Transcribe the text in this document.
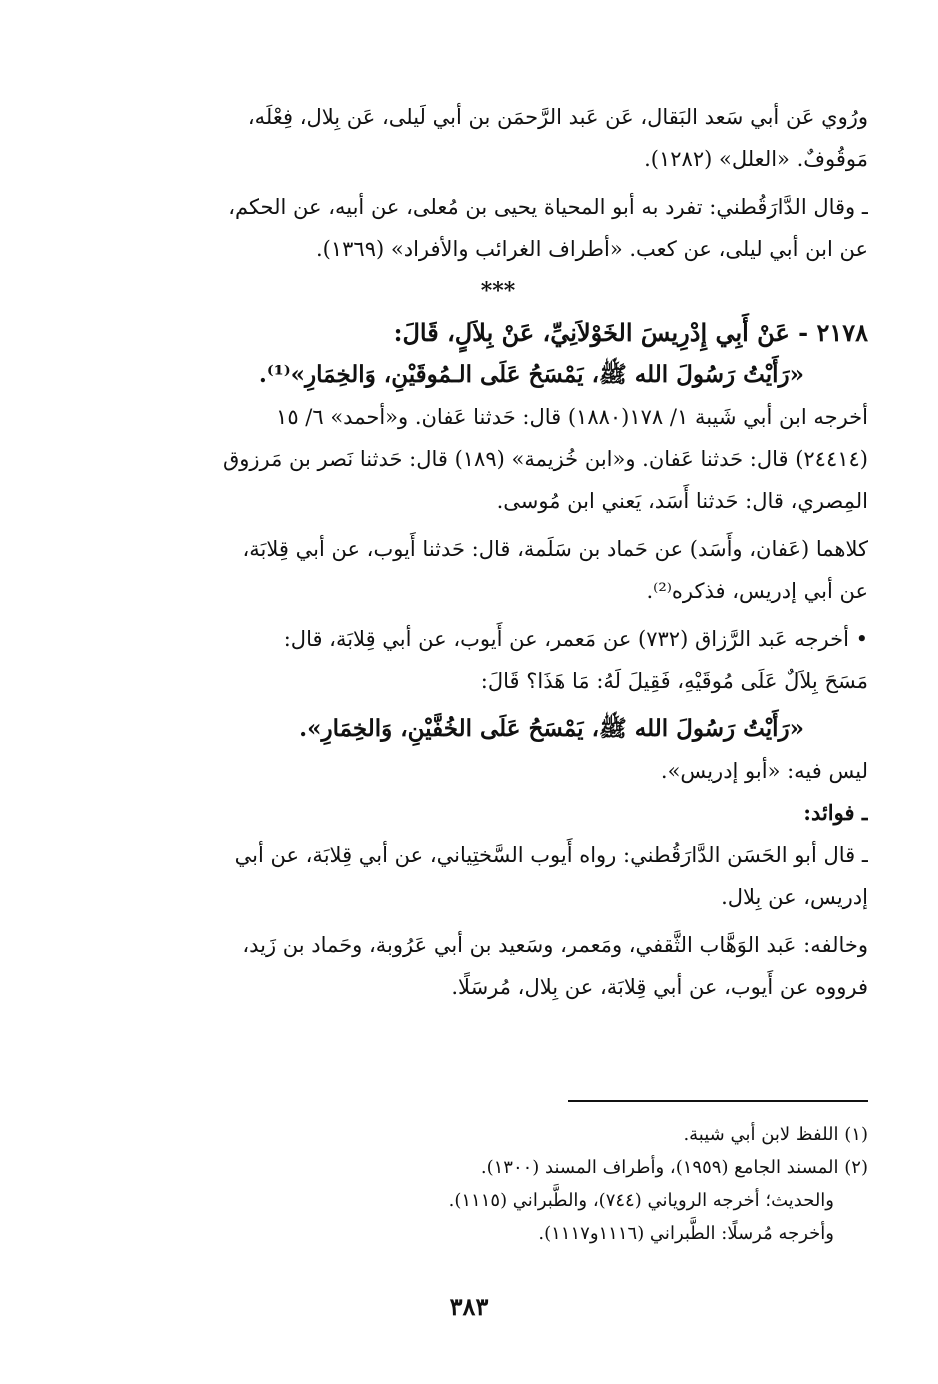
ورُوي عَن أبي سَعد البَقال، عَن عَبد الرَّحمَن بن أبي لَيلى، عَن بِلال، فِعْلَه،
مَوقُوفٌ. «العلل» (١٢٨٢).
ـ وقال الدَّارَقُطني: تفرد به أبو المحياة يحيى بن مُعلى، عن أبيه، عن الحكم،
عن ابن أبي ليلى، عن كعب. «أطراف الغرائب والأفراد» (١٣٦٩).
***
٢١٧٨ - عَنْ أَبِي إِدْرِيسَ الخَوْلاَنِيِّ، عَنْ بِلاَلٍ، قَالَ:
«رَأَيْتُ رَسُولَ الله ﷺ، يَمْسَحُ عَلَى الـمُوقَيْنِ، وَالخِمَارِ»⁽¹⁾.
أخرجه ابن أبي شَيبة ١/ ١٧٨(١٨٨٠) قال: حَدثنا عَفان. و«أحمد» ٦/ ١٥
(٢٤٤١٤) قال: حَدثنا عَفان. و«ابن خُزيمة» (١٨٩) قال: حَدثنا نَصر بن مَرزوق
المِصري، قال: حَدثنا أَسَد، يَعني ابن مُوسى.
كلاهما (عَفان، وأَسَد) عن حَماد بن سَلَمة، قال: حَدثنا أَيوب، عن أبي قِلابَة،
عن أبي إدريس، فذكره⁽²⁾.
• أخرجه عَبد الرَّزاق (٧٣٢) عن مَعمر، عن أَيوب، عن أبي قِلابَة، قال:
مَسَحَ بِلاَلٌ عَلَى مُوقَيْهِ، فَقِيلَ لَهُ: مَا هَذَا؟ قَالَ:
«رَأَيْتُ رَسُولَ الله ﷺ، يَمْسَحُ عَلَى الخُفَّيْنِ، وَالخِمَارِ».
ليس فيه: «أبو إدريس».
ـ فوائد:
ـ قال أبو الحَسَن الدَّارَقُطني: رواه أَيوب السَّختِياني، عن أبي قِلابَة، عن أبي
إدريس، عن بِلال.
وخالفه: عَبد الوَهَّاب الثَّقفي، ومَعمر، وسَعيد بن أبي عَرُوبة، وحَماد بن زَيد،
فرووه عن أَيوب، عن أبي قِلابَة، عن بِلال، مُرسَلًا.
(١) اللفظ لابن أبي شيبة.
(٢) المسند الجامع (١٩٥٩)، وأطراف المسند (١٣٠٠).
والحديث؛ أخرجه الروياني (٧٤٤)، والطَّبراني (١١١٥).
وأخرجه مُرسلًا: الطَّبراني (١١١٦و١١١٧).
٣٨٣
